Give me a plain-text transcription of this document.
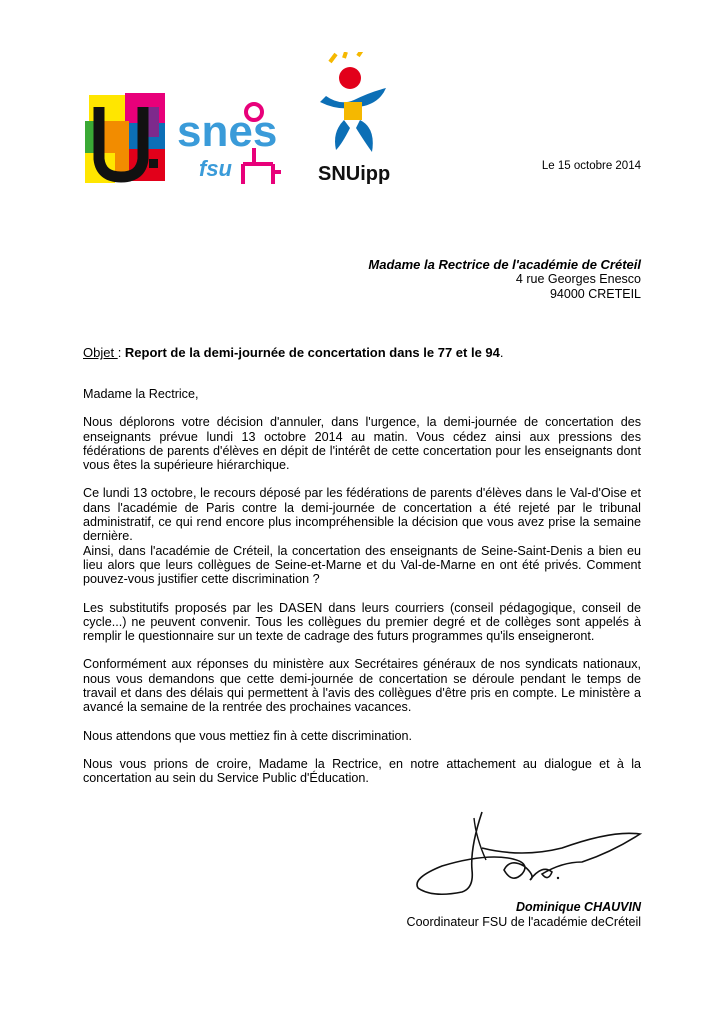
snes
fsu	SNUipp	Le 15 octobre 2014
Madame la Rectrice de l'académie de Créteil
4 rue Georges Enesco
94000 CRETEIL
Objet : Report de la demi-journée de concertation dans le 77 et le 94.

Madame la Rectrice,

Nous déplorons votre décision d'annuler, dans l'urgence, la demi-journée de concertation des enseignants prévue lundi 13 octobre 2014 au matin. Vous cédez ainsi aux pressions des fédérations de parents d'élèves en dépit de l'intérêt de cette concertation pour les enseignants dont vous êtes la supérieure hiérarchique.

Ce lundi 13 octobre, le recours déposé par les fédérations de parents d'élèves dans le Val-d'Oise et dans l'académie de Paris contre la demi-journée de concertation a été rejeté par le tribunal administratif, ce qui rend encore plus incompréhensible la décision que vous avez prise la semaine dernière.

Ainsi, dans l'académie de Créteil, la concertation des enseignants de Seine-Saint-Denis a bien eu lieu alors que leurs collègues de Seine-et-Marne et du Val-de-Marne en ont été privés. Comment pouvez-vous justifier cette discrimination ?

Les substitutifs proposés par les DASEN dans leurs courriers (conseil pédagogique, conseil de cycle...) ne peuvent convenir. Tous les collègues du premier degré et de collèges sont appelés à remplir le questionnaire sur un texte de cadrage des futurs programmes qu'ils enseigneront.

Conformément aux réponses du ministère aux Secrétaires généraux de nos syndicats nationaux, nous vous demandons que cette demi-journée de concertation se déroule pendant le temps de travail et dans des délais qui permettent à l'avis des collègues d'être pris en compte. Le ministère a avancé la semaine de la rentrée des prochaines vacances.

Nous attendons que vous mettiez fin à cette discrimination.

Nous vous prions de croire, Madame la Rectrice, en notre attachement au dialogue et à la concertation au sein du Service Public d'Éducation.

Dominique CHAUVIN
Coordinateur FSU de l'académie deCréteil
